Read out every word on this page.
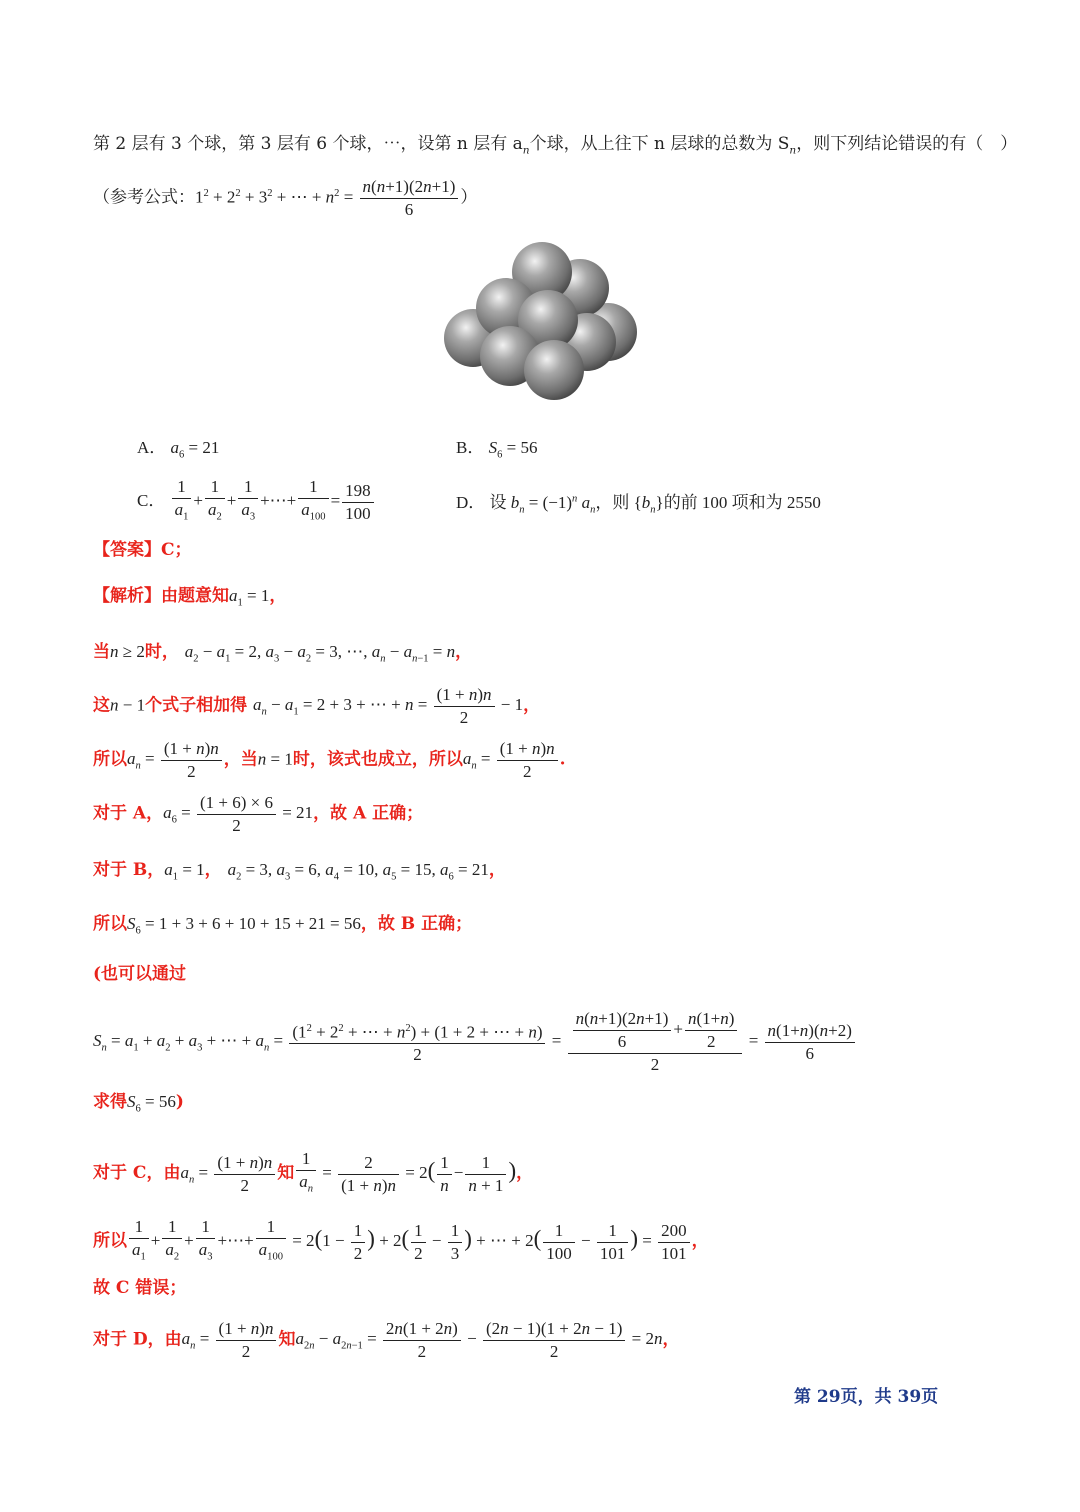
第 2 层有 3 个球，第 3 层有 6 个球，⋯，设第 n 层有 $a_n$个球，从上往下 n 层球的总数为 $S_n$，则下列结论错误的有（　）
（参考公式：$1^2 + 2^2 + 3^2$ + ⋯ + $n^2 = \frac{n(n+1)(2n+1)}{6}$ ）
A． $a_6 = 21$	B． $S_6 = 56$
C． $\frac{1}{a_1} + \frac{1}{a_2} + \frac{1}{a_3}$ +⋯+ $\frac{1}{a_{100}} = \frac{198}{100}$	D． 设 $b_n = (-1)^n$ $a_n$，则 $\{b_n\}$的前 100 项和为 2550
【答案】C；
【解析】由题意知$a_1 = 1$，
当n ≥ 2时， $a_2 - a_1 = 2$, $a_3 - a_2 = 3$, ⋯, $a_n - a_{n-1} = n$，
这n − 1个式子相加得 $a_n - a_1 = 2 + 3$ + ⋯ + $n = \frac{(1 + n)n}{2} - 1$，
所以$a_n = \frac{(1 + n)n}{2}$ ，当n = 1时，该式也成立，所以$a_n = \frac{(1 + n)n}{2}$ .
对于 A，$a_6 = \frac{(1 + 6) \times 6}{2} = 21$，故 A 正确；
对于 B，$a_1 = 1$， $a_2 = 3$, $a_3 = 6$, $a_4 = 10$, $a_5 = 15$, $a_6 = 21$，
所以$S_6 = 1 + 3 + 6 + 10 + 15 + 21 = 56$，故 B 正确；
(也可以通过
$S_n = a_1 + a_2 + a_3$ + ⋯ + $a_n = \frac{(1^2 + 2^2 + \cdots + n^2) + (1 + 2 + \cdots + n)}{2} = \frac{\frac{n(n+1)(2n+1)}{6} + \frac{n(1+n)}{2}}{2} = \frac{n(1+n)(n+2)}{6}$
求得$S_6 = 56$)
对于 C，由$a_n = \frac{(1 + n)n}{2}$ 知 $\frac{1}{a_n} = \frac{2}{(1 + n)n} = 2( \frac{1}{n} - \frac{1}{n + 1}$ )，
所以 $\frac{1}{a_1} + \frac{1}{a_2} + \frac{1}{a_3}$ +⋯+ $\frac{1}{a_{100}} = 2(1 - \frac{1}{2}$ ) + $2( \frac{1}{2} - \frac{1}{3}$ ) + ⋯ + $2( \frac{1}{100} - \frac{1}{101}$ ) = $\frac{200}{101}$ ，
故 C 错误；
对于 D，由$a_n = \frac{(1 + n)n}{2}$ 知$a_{2n} - a_{2n-1} = \frac{2n(1 + 2n)}{2} - \frac{(2n - 1)(1 + 2n - 1)}{2} = 2n$，
第 29页，共 39页
